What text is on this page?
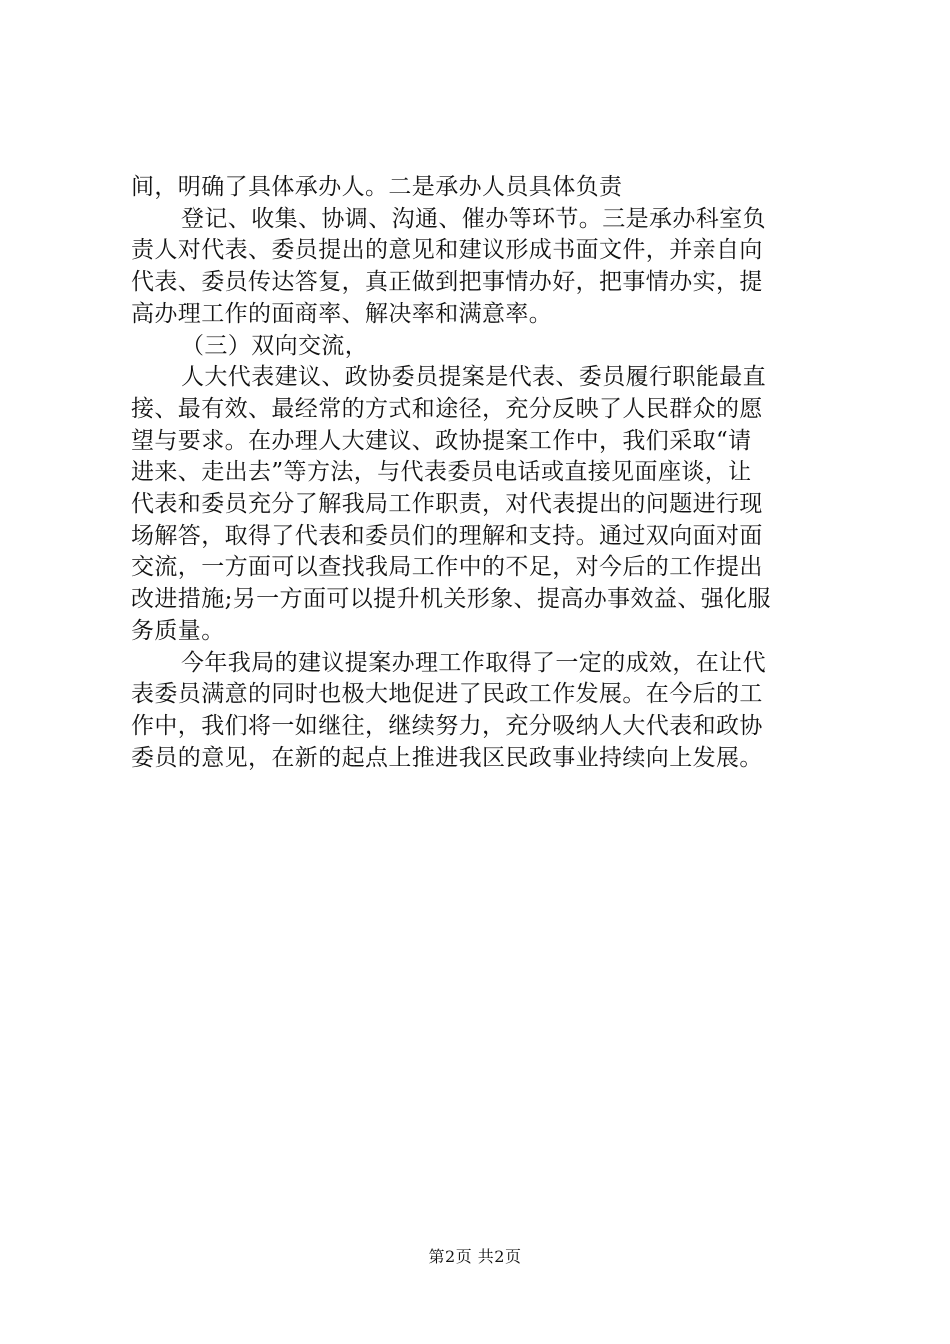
间，明确了具体承办人。二是承办人员具体负责
登记、收集、协调、沟通、催办等环节。三是承办科室负
责人对代表、委员提出的意见和建议形成书面文件，并亲自向
代表、委员传达答复，真正做到把事情办好，把事情办实，提
高办理工作的面商率、解决率和满意率。
（三）双向交流，
人大代表建议、政协委员提案是代表、委员履行职能最直
接、最有效、最经常的方式和途径，充分反映了人民群众的愿
望与要求。在办理人大建议、政协提案工作中，我们采取“请
进来、走出去”等方法，与代表委员电话或直接见面座谈，让
代表和委员充分了解我局工作职责，对代表提出的问题进行现
场解答，取得了代表和委员们的理解和支持。通过双向面对面
交流，一方面可以查找我局工作中的不足，对今后的工作提出
改进措施;另一方面可以提升机关形象、提高办事效益、强化服
务质量。
今年我局的建议提案办理工作取得了一定的成效，在让代
表委员满意的同时也极大地促进了民政工作发展。在今后的工
作中，我们将一如继往，继续努力，充分吸纳人大代表和政协
委员的意见，在新的起点上推进我区民政事业持续向上发展。
第2页 共2页
